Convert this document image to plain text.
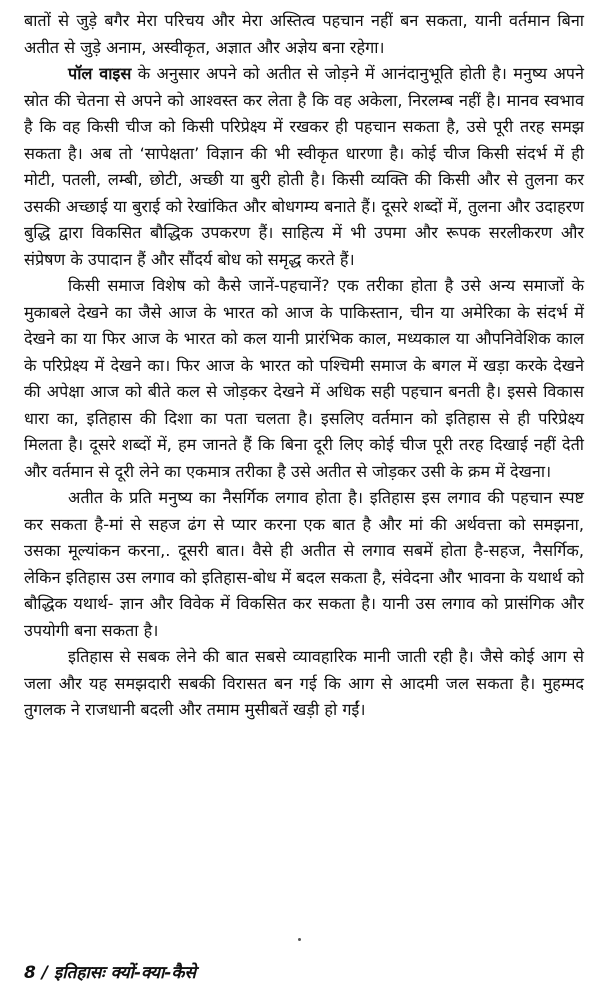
बातों से जुड़े बगैर मेरा परिचय और मेरा अस्तित्व पहचान नहीं बन सकता, यानी वर्तमान बिना अतीत से जुड़े अनाम, अस्वीकृत, अज्ञात और अज्ञेय बना रहेगा।

पॉल वाइस के अनुसार अपने को अतीत से जोड़ने में आनंदानुभूति होती है। मनुष्य अपने स्रोत की चेतना से अपने को आश्वस्त कर लेता है कि वह अकेला, निरलम्ब नहीं है। मानव स्वभाव है कि वह किसी चीज को किसी परिप्रेक्ष्य में रखकर ही पहचान सकता है, उसे पूरी तरह समझ सकता है। अब तो ‘सापेक्षता’ विज्ञान की भी स्वीकृत धारणा है। कोई चीज किसी संदर्भ में ही मोटी, पतली, लम्बी, छोटी, अच्छी या बुरी होती है। किसी व्यक्ति की किसी और से तुलना कर उसकी अच्छाई या बुराई को रेखांकित और बोधगम्य बनाते हैं। दूसरे शब्दों में, तुलना और उदाहरण बुद्धि द्वारा विकसित बौद्धिक उपकरण हैं। साहित्य में भी उपमा और रूपक सरलीकरण और संप्रेषण के उपादान हैं और सौंदर्य बोध को समृद्ध करते हैं।

किसी समाज विशेष को कैसे जानें-पहचानें? एक तरीका होता है उसे अन्य समाजों के मुकाबले देखने का जैसे आज के भारत को आज के पाकिस्तान, चीन या अमेरिका के संदर्भ में देखने का या फिर आज के भारत को कल यानी प्रारंभिक काल, मध्यकाल या औपनिवेशिक काल के परिप्रेक्ष्य में देखने का। फिर आज के भारत को पश्चिमी समाज के बगल में खड़ा करके देखने की अपेक्षा आज को बीते कल से जोड़कर देखने में अधिक सही पहचान बनती है। इससे विकास धारा का, इतिहास की दिशा का पता चलता है। इसलिए वर्तमान को इतिहास से ही परिप्रेक्ष्य मिलता है। दूसरे शब्दों में, हम जानते हैं कि बिना दूरी लिए कोई चीज पूरी तरह दिखाई नहीं देती और वर्तमान से दूरी लेने का एकमात्र तरीका है उसे अतीत से जोड़कर उसी के क्रम में देखना।

अतीत के प्रति मनुष्य का नैसर्गिक लगाव होता है। इतिहास इस लगाव की पहचान स्पष्ट कर सकता है-मां से सहज ढंग से प्यार करना एक बात है और मां की अर्थवत्ता को समझना, उसका मूल्यांकन करना,. दूसरी बात। वैसे ही अतीत से लगाव सबमें होता है-सहज, नैसर्गिक, लेकिन इतिहास उस लगाव को इतिहास-बोध में बदल सकता है, संवेदना और भावना के यथार्थ को बौद्धिक यथार्थ- ज्ञान और विवेक में विकसित कर सकता है। यानी उस लगाव को प्रासंगिक और उपयोगी बना सकता है।

इतिहास से सबक लेने की बात सबसे व्यावहारिक मानी जाती रही है। जैसे कोई आग से जला और यह समझदारी सबकी विरासत बन गई कि आग से आदमी जल सकता है। मुहम्मद तुगलक ने राजधानी बदली और तमाम मुसीबतें खड़ी हो गईं।

8 / इतिहासः क्यों-क्या-कैसे
